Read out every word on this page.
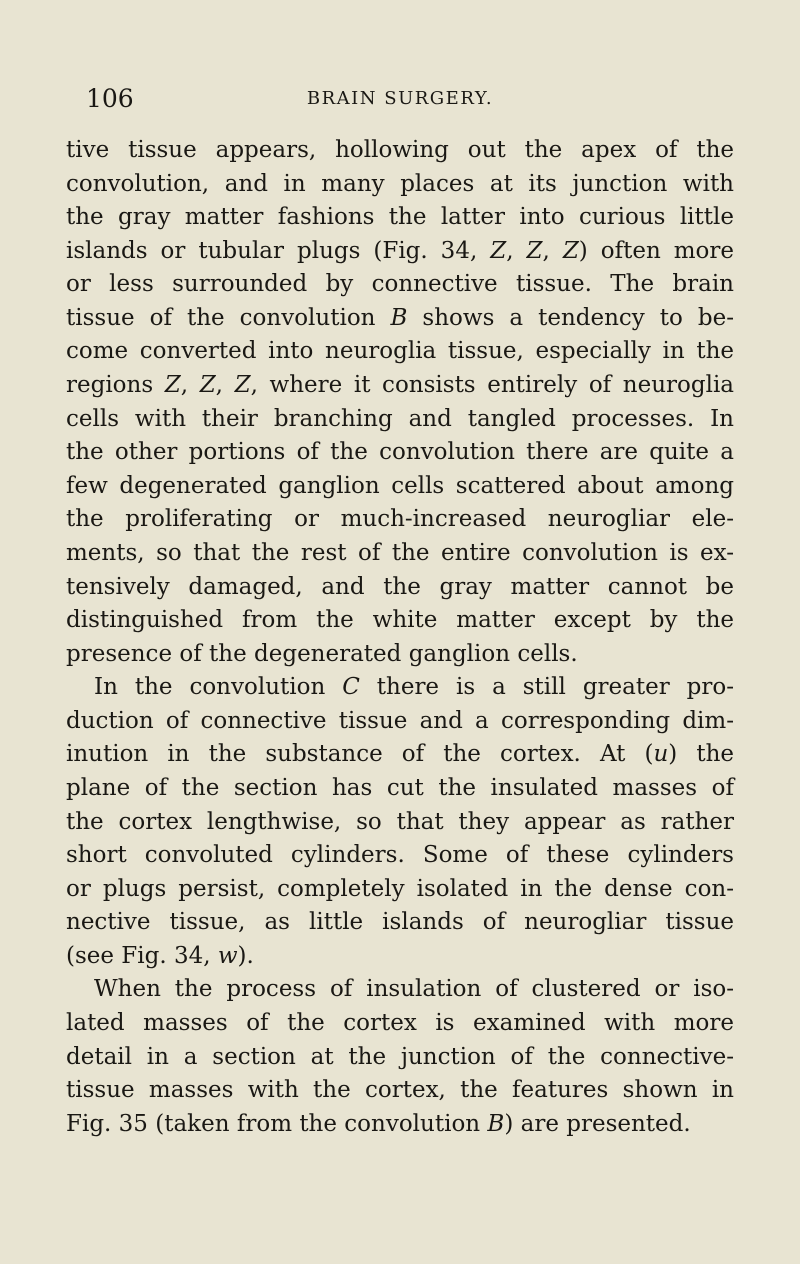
106	BRAIN SURGERY.
tive tissue appears, hollowing out the apex of the
convolution, and in many places at its junction with
the gray matter fashions the latter into curious little
islands or tubular plugs (Fig. 34, Z, Z, Z) often more
or less surrounded by connective tissue. The brain
tissue of the convolution B shows a tendency to be-
come converted into neuroglia tissue, especially in the
regions Z, Z, Z, where it consists entirely of neuroglia
cells with their branching and tangled processes. In
the other portions of the convolution there are quite a
few degenerated ganglion cells scattered about among
the proliferating or much-increased neurogliar ele-
ments, so that the rest of the entire convolution is ex-
tensively damaged, and the gray matter cannot be
distinguished from the white matter except by the
presence of the degenerated ganglion cells.
In the convolution C there is a still greater pro-
duction of connective tissue and a corresponding dim-
inution in the substance of the cortex. At (u) the
plane of the section has cut the insulated masses of
the cortex lengthwise, so that they appear as rather
short convoluted cylinders. Some of these cylinders
or plugs persist, completely isolated in the dense con-
nective tissue, as little islands of neurogliar tissue
(see Fig. 34, w).
When the process of insulation of clustered or iso-
lated masses of the cortex is examined with more
detail in a section at the junction of the connective-
tissue masses with the cortex, the features shown in
Fig. 35 (taken from the convolution B) are presented.
